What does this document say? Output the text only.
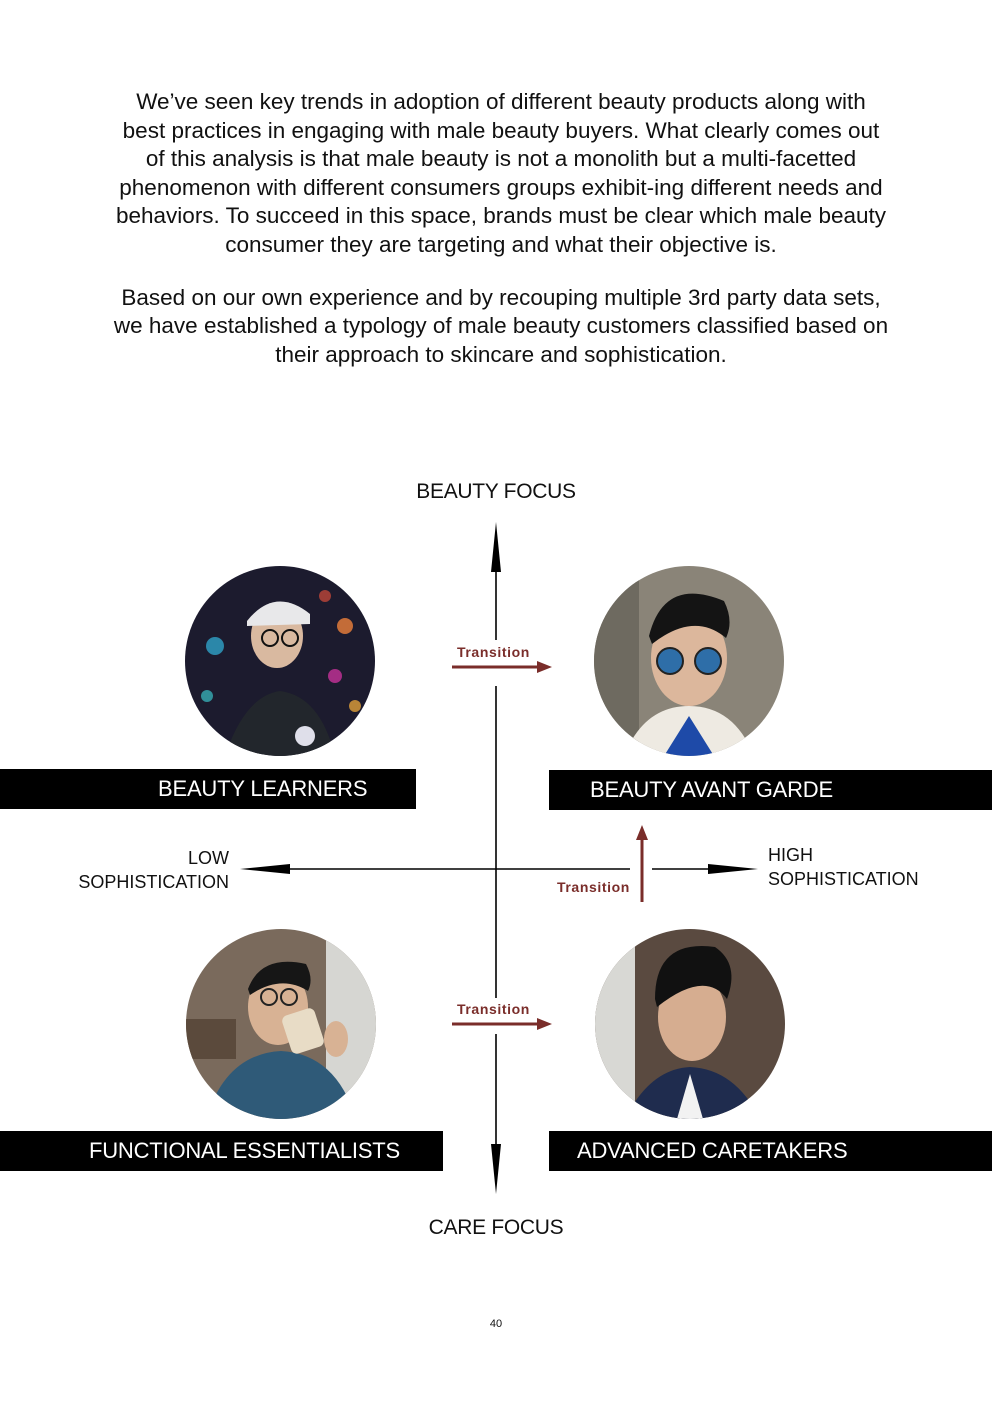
We’ve seen key trends in adoption of different beauty products along with best practices in engaging with male beauty buyers. What clearly comes out of this analysis is that male beauty is not a monolith but a multi-facetted phenomenon with different consumers groups exhibit-ing different needs and behaviors. To succeed in this space, brands must be clear which male beauty consumer they are targeting and what their objective is.

Based on our own experience and by recouping multiple 3rd party data sets, we have established a typology of male beauty customers classified based on their approach to skincare and sophistication.

BEAUTY FOCUS
CARE FOCUS
LOW
SOPHISTICATION
HIGH
SOPHISTICATION
Transition
Transition
Transition
BEAUTY LEARNERS	BEAUTY AVANT GARDE
FUNCTIONAL ESSENTIALISTS	ADVANCED CARETAKERS
40
